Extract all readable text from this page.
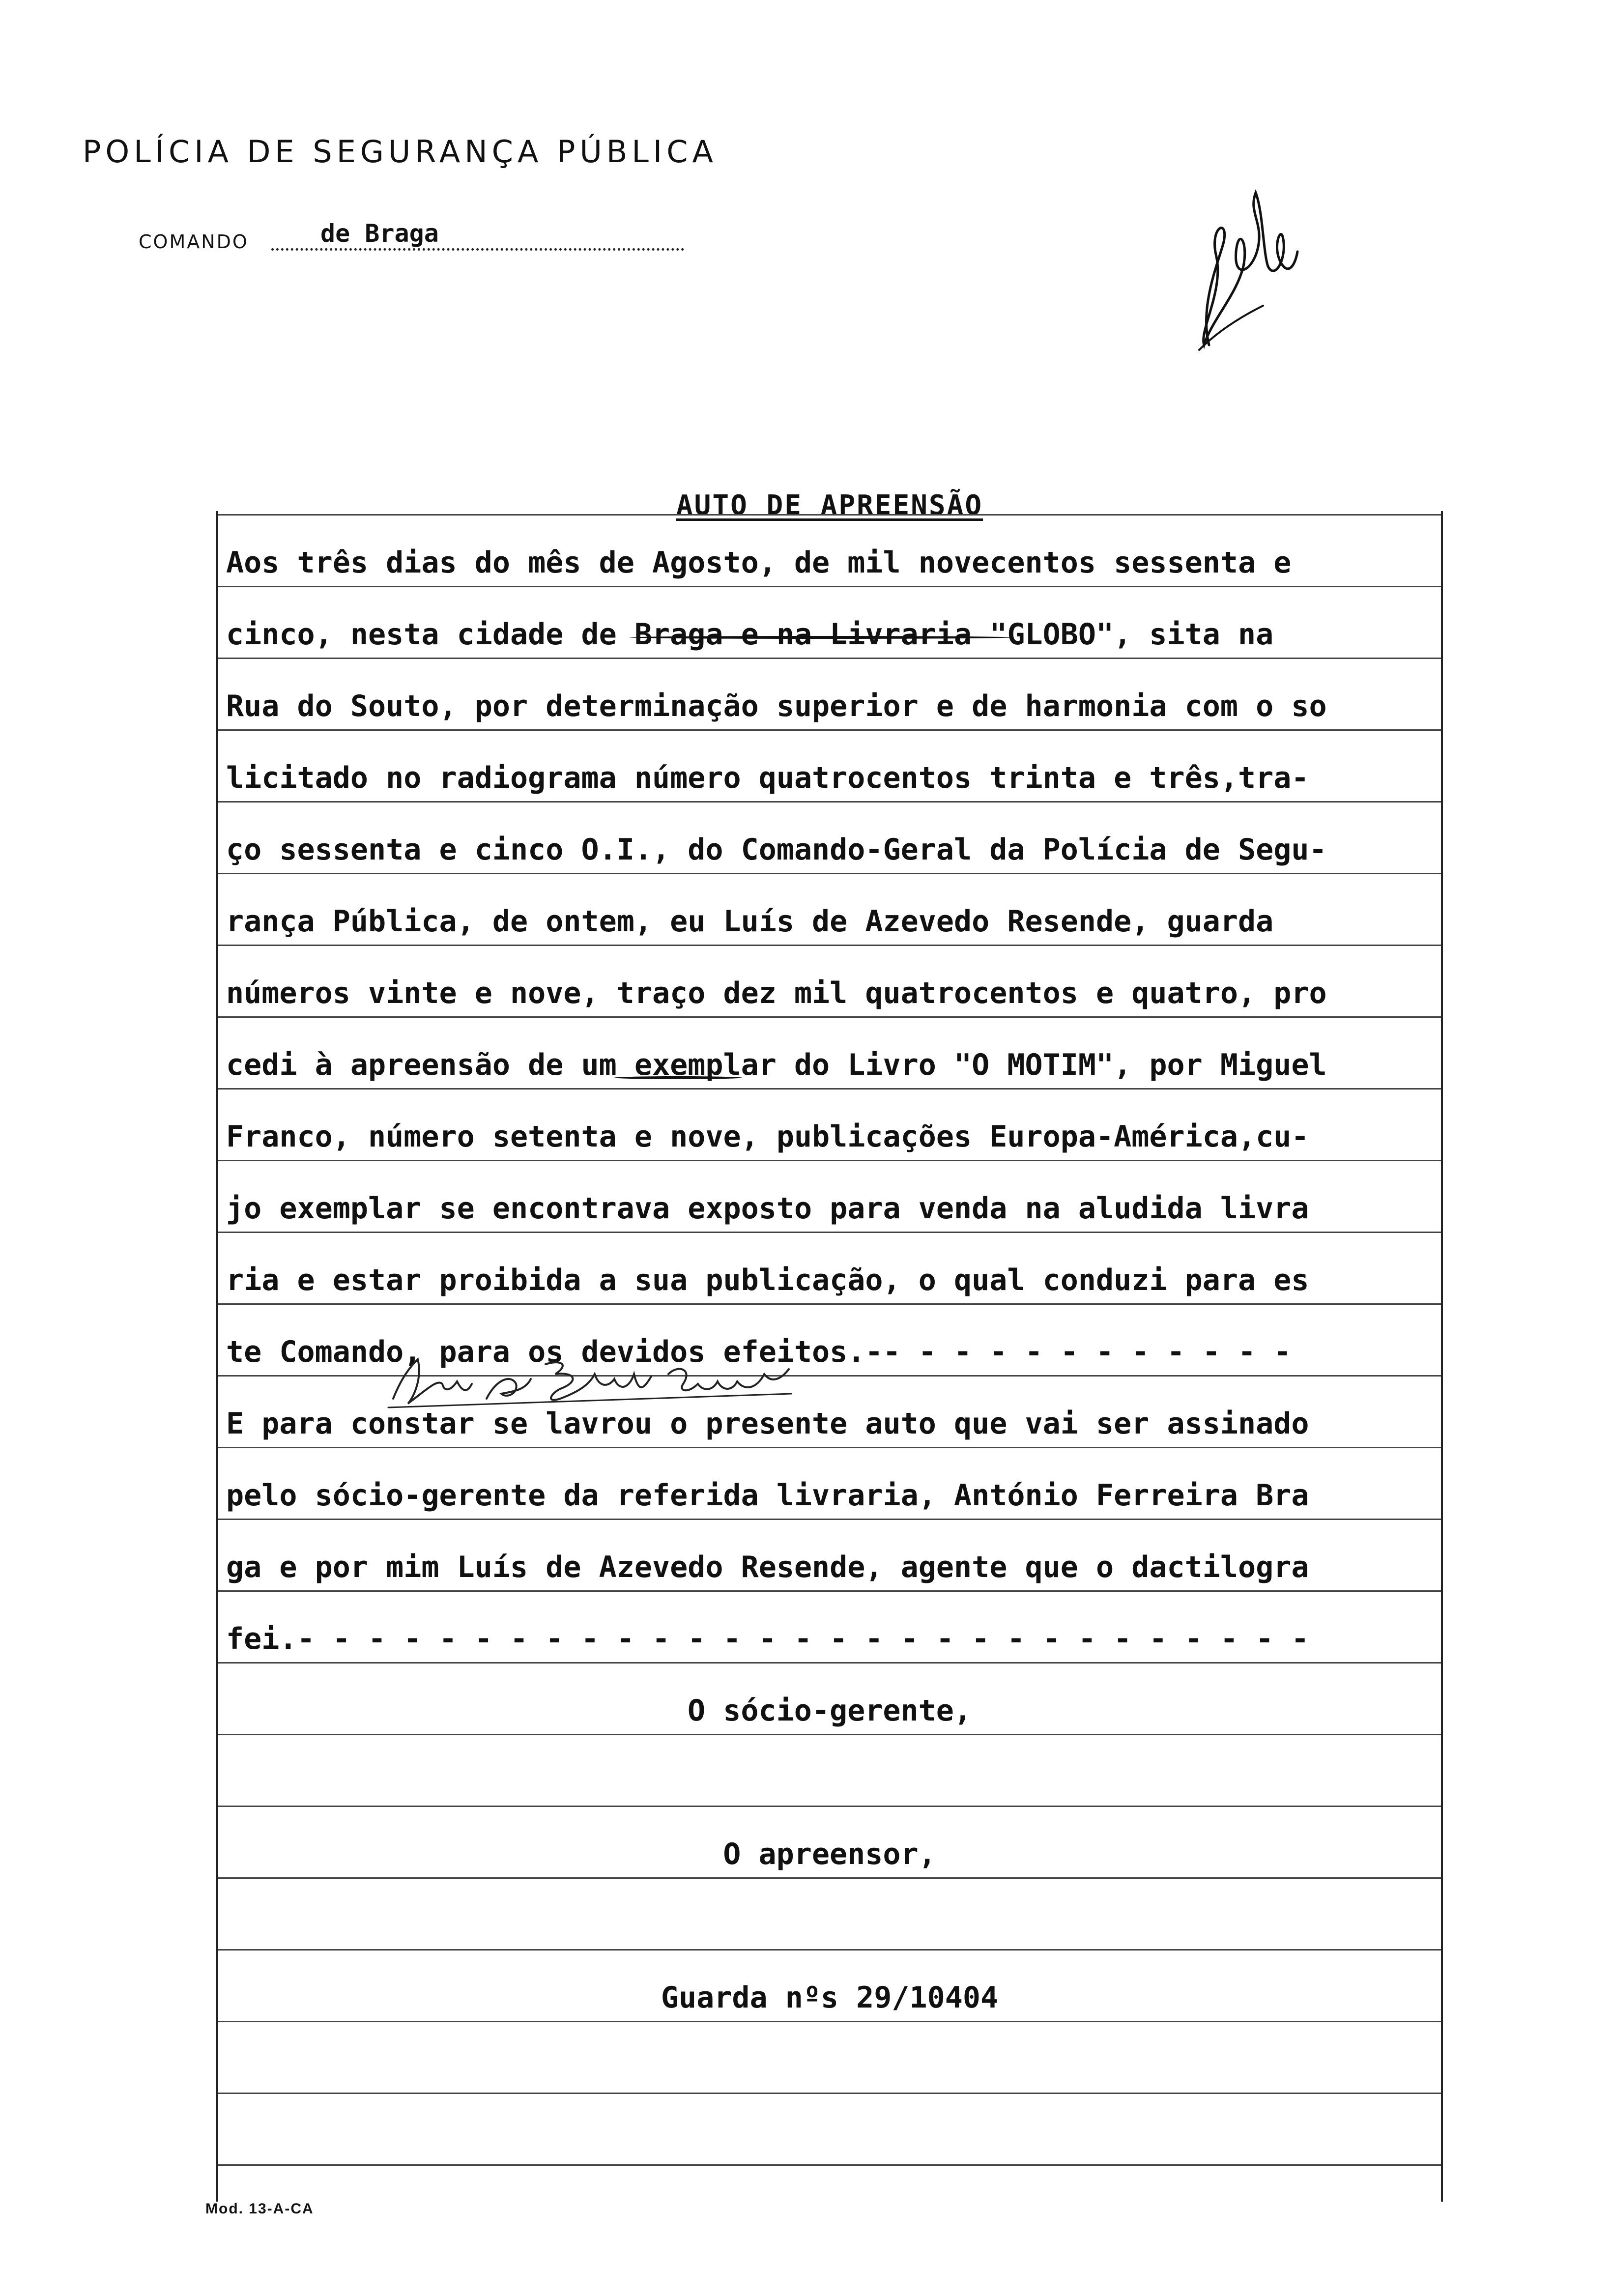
POLÍCIA DE SEGURANÇA PÚBLICA
COMANDO	de Braga
AUTO DE APREENSÃO
Aos três dias do mês de Agosto, de mil novecentos sessenta e
cinco, nesta cidade de Braga e na Livraria "GLOBO", sita na
Rua do Souto, por determinação superior e de harmonia com o so
licitado no radiograma número quatrocentos trinta e três,tra-
ço sessenta e cinco O.I., do Comando-Geral da Polícia de Segu-
rança Pública, de ontem, eu Luís de Azevedo Resende, guarda
números vinte e nove, traço dez mil quatrocentos e quatro, pro
cedi à apreensão de um exemplar do Livro "O MOTIM", por Miguel
Franco, número setenta e nove, publicações Europa-América,cu-
jo exemplar se encontrava exposto para venda na aludida livra
ria e estar proibida a sua publicação, o qual conduzi para es
te Comando, para os devidos efeitos.-- - - - - - - - - - - -
E para constar se lavrou o presente auto que vai ser assinado
pelo sócio-gerente da referida livraria, António Ferreira Bra
ga e por mim Luís de Azevedo Resende, agente que o dactilogra
fei.- - - - - - - - - - - - - - - - - - - - - - - - - - - - -
O sócio-gerente,
O apreensor,
Guarda nºs 29/10404
Mod. 13-A-CA
